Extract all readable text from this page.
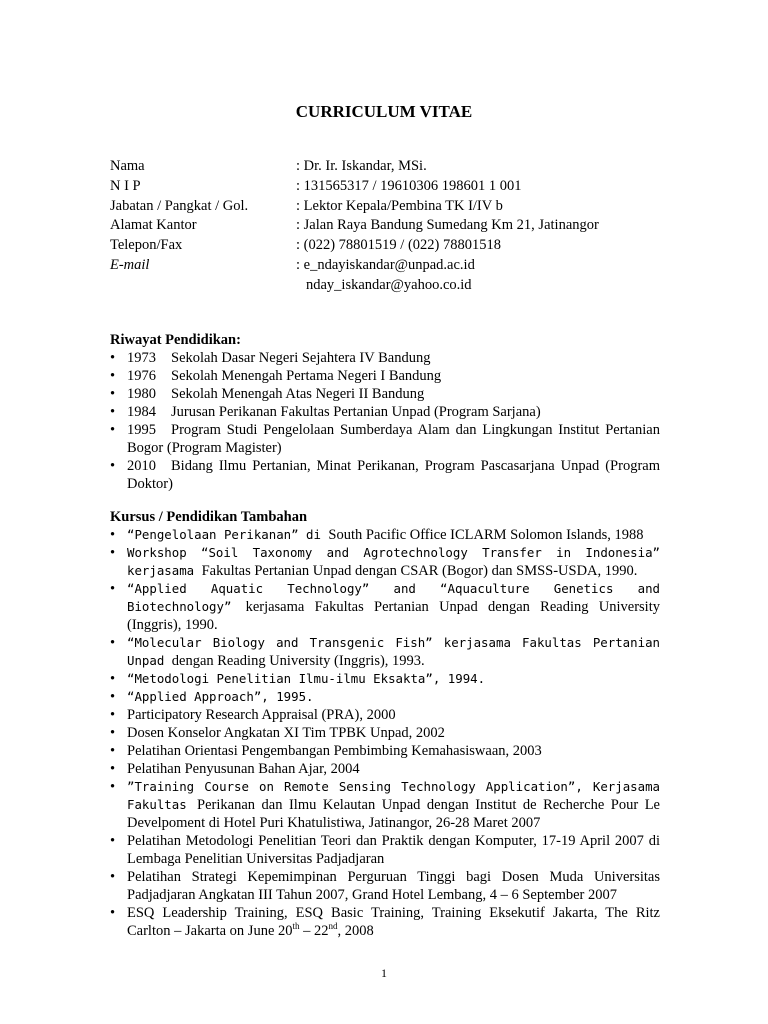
CURRICULUM VITAE
Nama	: Dr. Ir. Iskandar, MSi.
N I P	: 131565317 / 19610306 198601 1 001
Jabatan / Pangkat / Gol.	: Lektor Kepala/Pembina TK I/IV b
Alamat Kantor	: Jalan Raya Bandung Sumedang Km 21, Jatinangor
Telepon/Fax	: (022) 78801519 / (022) 78801518
E-mail	: e_ndayiskandar@unpad.ac.id
nday_iskandar@yahoo.co.id
Riwayat Pendidikan:
• 1973 Sekolah Dasar Negeri Sejahtera IV Bandung
• 1976 Sekolah Menengah Pertama Negeri I Bandung
• 1980 Sekolah Menengah Atas Negeri II Bandung
• 1984 Jurusan Perikanan Fakultas Pertanian Unpad (Program Sarjana)
• 1995 Program Studi Pengelolaan Sumberdaya Alam dan Lingkungan Institut Pertanian Bogor (Program Magister)
• 2010 Bidang Ilmu Pertanian, Minat Perikanan, Program Pascasarjana Unpad (Program Doktor)
Kursus / Pendidikan Tambahan
• “Pengelolaan Perikanan” di South Pacific Office ICLARM Solomon Islands, 1988
• Workshop “Soil Taxonomy and Agrotechnology Transfer in Indonesia” kerjasama Fakultas Pertanian Unpad dengan CSAR (Bogor) dan SMSS-USDA, 1990.
• “Applied Aquatic Technology” and “Aquaculture Genetics and Biotechnology” kerjasama Fakultas Pertanian Unpad dengan Reading University (Inggris), 1990.
• “Molecular Biology and Transgenic Fish” kerjasama Fakultas Pertanian Unpad dengan Reading University (Inggris), 1993.
• “Metodologi Penelitian Ilmu-ilmu Eksakta”, 1994.
• “Applied Approach”, 1995.
• Participatory Research Appraisal (PRA), 2000
• Dosen Konselor Angkatan XI Tim TPBK Unpad, 2002
• Pelatihan Orientasi Pengembangan Pembimbing Kemahasiswaan, 2003
• Pelatihan Penyusunan Bahan Ajar, 2004
• ”Training Course on Remote Sensing Technology Application”, Kerjasama Fakultas Perikanan dan Ilmu Kelautan Unpad dengan Institut de Recherche Pour Le Develpoment di Hotel Puri Khatulistiwa, Jatinangor, 26-28 Maret 2007
• Pelatihan Metodologi Penelitian Teori dan Praktik dengan Komputer, 17-19 April 2007 di Lembaga Penelitian Universitas Padjadjaran
• Pelatihan Strategi Kepemimpinan Perguruan Tinggi bagi Dosen Muda Universitas Padjadjaran Angkatan III Tahun 2007, Grand Hotel Lembang, 4 – 6 September 2007
• ESQ Leadership Training, ESQ Basic Training, Training Eksekutif Jakarta, The Ritz Carlton – Jakarta on June 20th – 22nd, 2008
1
